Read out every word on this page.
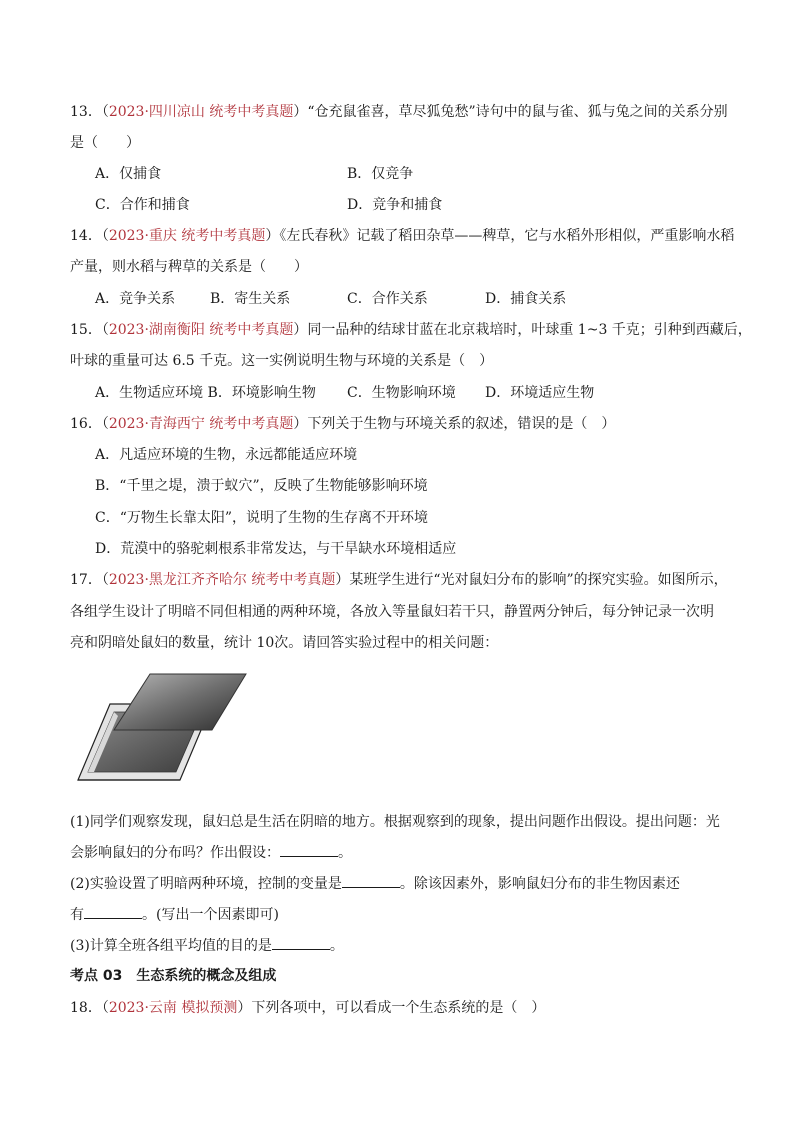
13．（2023·四川凉山 统考中考真题）“仓充鼠雀喜，草尽狐兔愁”诗句中的鼠与雀、狐与兔之间的关系分别
是（　　）
A．仅捕食	B．仅竞争
C．合作和捕食	D．竞争和捕食
14．（2023·重庆 统考中考真题）《左氏春秋》记载了稻田杂草——稗草，它与水稻外形相似，严重影响水稻
产量，则水稻与稗草的关系是（　　）
A．竞争关系 B．寄生关系	C．合作关系	D．捕食关系
15．（2023·湖南衡阳 统考中考真题）同一品种的结球甘蓝在北京栽培时，叶球重 1~3 千克；引种到西藏后，
叶球的重量可达 6.5 千克。这一实例说明生物与环境的关系是（　）
A．生物适应环境 B．环境影响生物 C．生物影响环境 D．环境适应生物
16．（2023·青海西宁 统考中考真题）下列关于生物与环境关系的叙述，错误的是（　）
A．凡适应环境的生物，永远都能适应环境
B．“千里之堤，溃于蚁穴”，反映了生物能够影响环境
C．“万物生长靠太阳”，说明了生物的生存离不开环境
D．荒漠中的骆驼刺根系非常发达，与干旱缺水环境相适应
17．（2023·黑龙江齐齐哈尔 统考中考真题）某班学生进行“光对鼠妇分布的影响”的探究实验。如图所示，
各组学生设计了明暗不同但相通的两种环境，各放入等量鼠妇若干只，静置两分钟后，每分钟记录一次明
亮和阴暗处鼠妇的数量，统计 10次。请回答实验过程中的相关问题：
(1)同学们观察发现，鼠妇总是生活在阴暗的地方。根据观察到的现象，提出问题作出假设。提出问题：光
会影响鼠妇的分布吗？作出假设：	。
(2)实验设置了明暗两种环境，控制的变量是	。除该因素外，影响鼠妇分布的非生物因素还
有	。(写出一个因素即可)
(3)计算全班各组平均值的目的是	。
考点 03　生态系统的概念及组成
18．（2023·云南 模拟预测）下列各项中，可以看成一个生态系统的是（　）
